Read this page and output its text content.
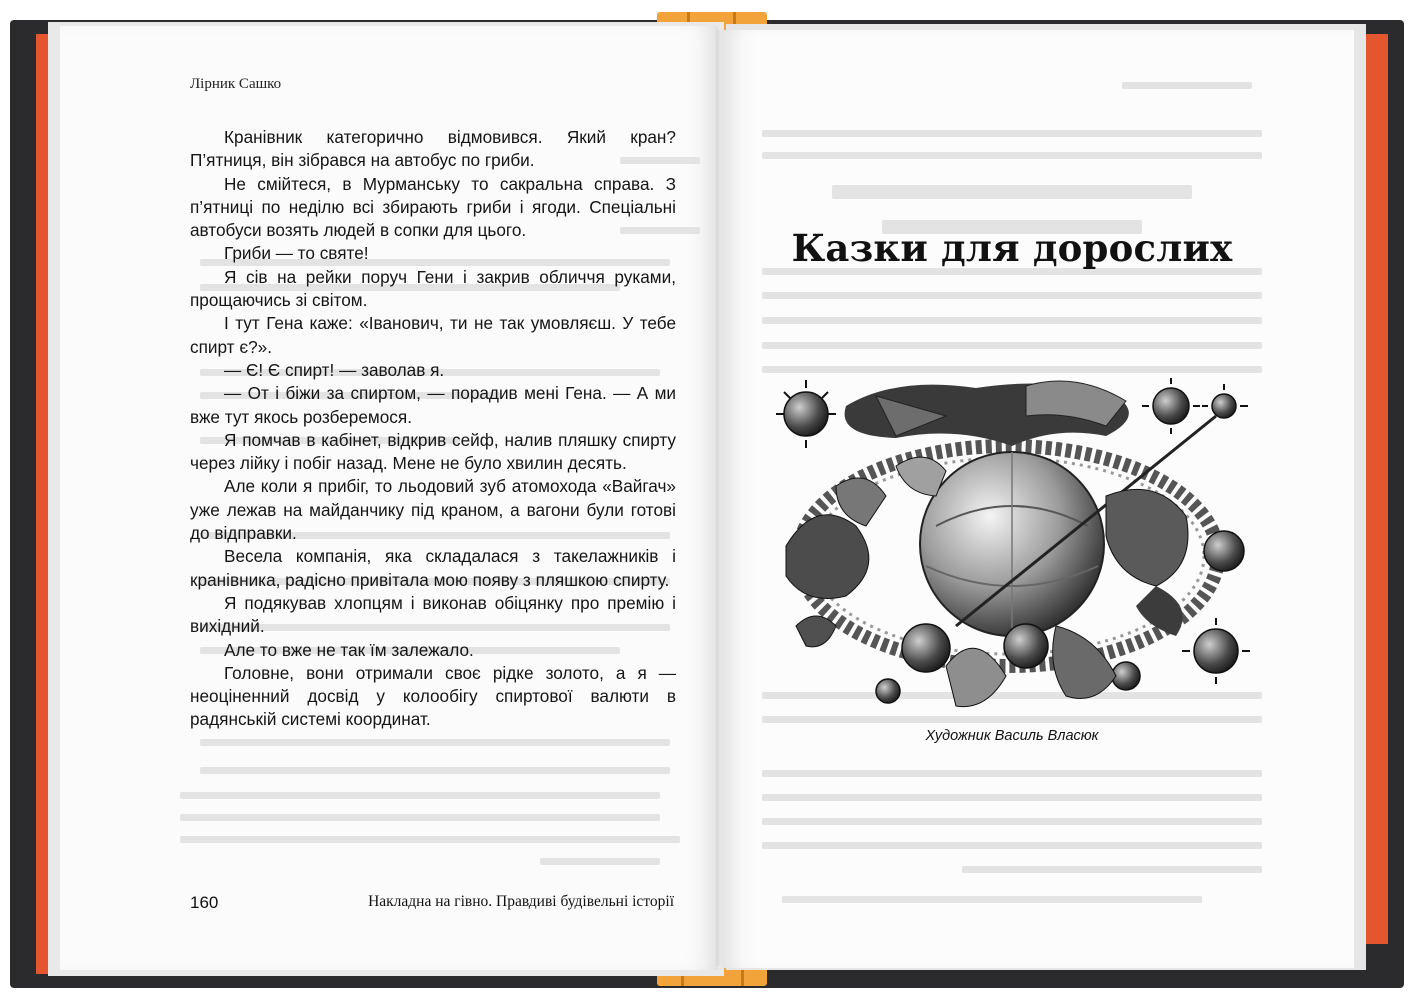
Лірник Сашко

Кранівник категорично відмовився. Який кран? П’ятниця, він зібрався на автобус по гриби.

Не смійтеся, в Мурманську то сакральна справа. З п’ятниці по неділю всі збирають гриби і ягоди. Спеціальні автобуси возять людей в сопки для цього.

Гриби — то святе!

Я сів на рейки поруч Гени і закрив обличчя руками, прощаючись зі світом.

І тут Гена каже: «Іванович, ти не так умовляєш. У тебе спирт є?».

— Є! Є спирт! — заволав я.

— От і біжи за спиртом, — порадив мені Гена. — А ми вже тут якось розберемося.

Я помчав в кабінет, відкрив сейф, налив пляшку спирту через лійку і побіг назад. Мене не було хвилин десять.

Але коли я прибіг, то льодовий зуб атомохода «Вайгач» уже лежав на майданчику під краном, а вагони були готові до відправки.

Весела компанія, яка складалася з такелажників і кранівника, радісно привітала мою появу з пляшкою спирту.

Я подякував хлопцям і виконав обіцянку про премію і вихідний.

Але то вже не так їм залежало.

Головне, вони отримали своє рідке золото, а я — неоціненний досвід у колообігу спиртової валюти в радянській системі координат.

160	Накладна на гівно. Правдиві будівельні історії
Казки для дорослих
Художник Василь Власюк
